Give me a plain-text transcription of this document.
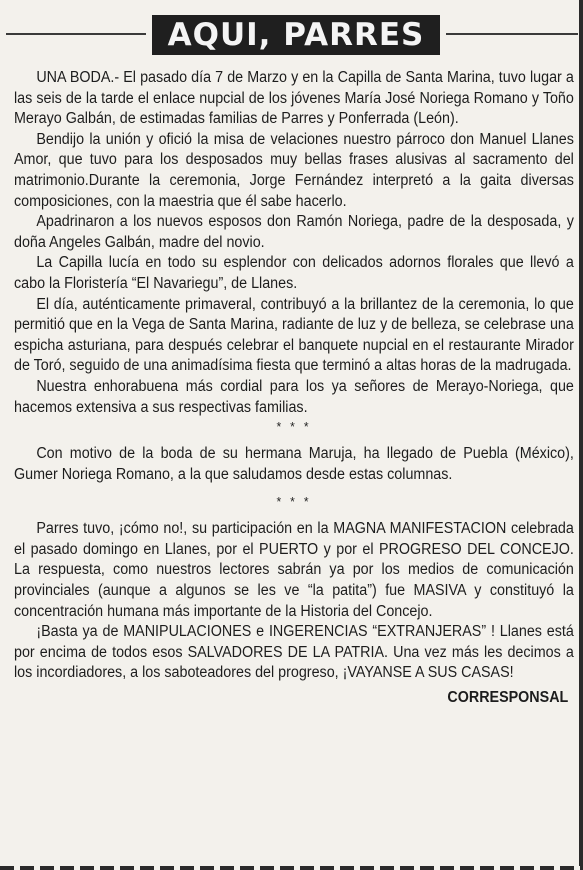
AQUI, PARRES

UNA BODA.- El pasado día 7 de Marzo y en la Capilla de Santa Marina, tuvo lugar a las seis de la tarde el enlace nupcial de los jóvenes María José Noriega Romano y Toño Merayo Galbán, de estimadas familias de Parres y Ponferrada (León).

Bendijo la unión y ofició la misa de velaciones nuestro párroco don Manuel Llanes Amor, que tuvo para los desposados muy bellas frases alusivas al sacramento del matrimonio.Durante la ceremonia, Jorge Fernández interpretó a la gaita diversas composiciones, con la maestria que él sabe hacerlo.

Apadrinaron a los nuevos esposos don Ramón Noriega, padre de la desposada, y doña Angeles Galbán, madre del novio.

La Capilla lucía en todo su esplendor con delicados adornos florales que llevó a cabo la Floristería “El Navariegu”, de Llanes.

El día, auténticamente primaveral, contribuyó a la brillantez de la ceremonia, lo que permitió que en la Vega de Santa Marina, radiante de luz y de belleza, se celebrase una espicha asturiana, para después celebrar el banquete nupcial en el restaurante Mirador de Toró, seguido de una animadísima fiesta que terminó a altas horas de la madrugada.

Nuestra enhorabuena más cordial para los ya señores de Merayo-Noriega, que hacemos extensiva a sus respectivas familias.

* * *

Con motivo de la boda de su hermana Maruja, ha llegado de Puebla (México), Gumer Noriega Romano, a la que saludamos desde estas columnas.

* * *

Parres tuvo, ¡cómo no!, su participación en la MAGNA MANIFESTACION celebrada el pasado domingo en Llanes, por el PUERTO y por el PROGRESO DEL CONCEJO. La respuesta, como nuestros lectores sabrán ya por los medios de comunicación provinciales (aunque a algunos se les ve “la patita”) fue MASIVA y constituyó la concentración humana más importante de la Historia del Concejo.

¡Basta ya de MANIPULACIONES e INGERENCIAS “EXTRANJERAS” ! Llanes está por encima de todos esos SALVADORES DE LA PATRIA. Una vez más les decimos a los incordiadores, a los saboteadores del progreso, ¡VAYANSE A SUS CASAS!

CORRESPONSAL
